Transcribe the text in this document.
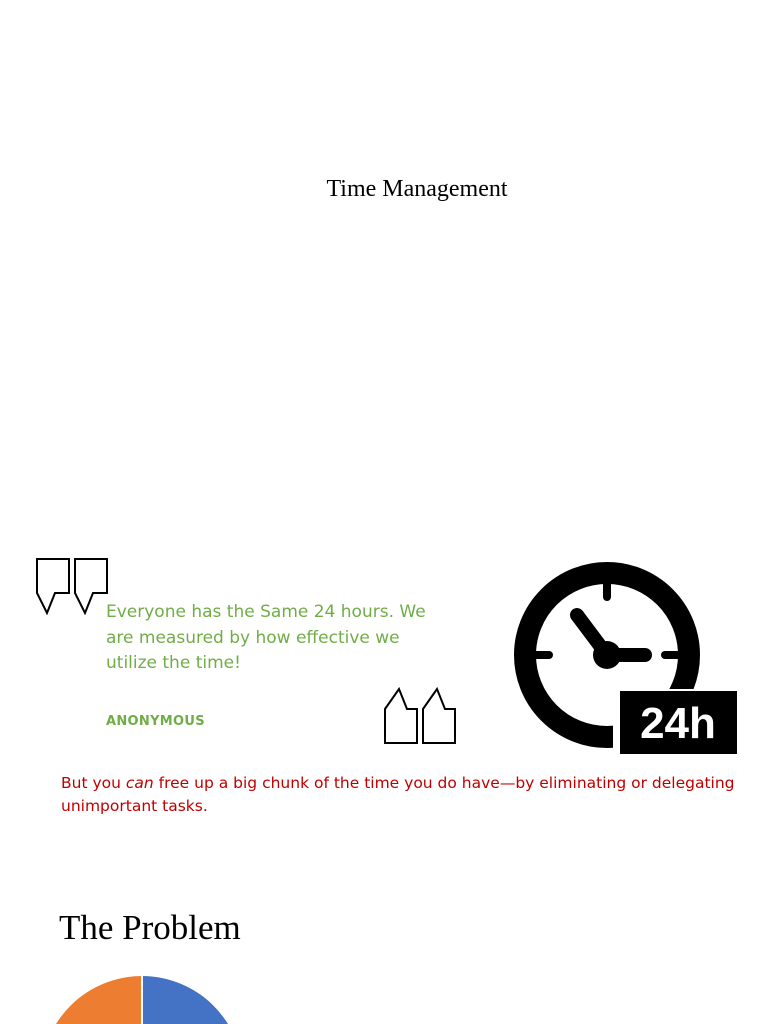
Time Management
Everyone has the Same 24 hours. We are measured by how effective we utilize the time!
ANONYMOUS	24h
But you can free up a big chunk of the time you do have—by eliminating or delegating unimportant tasks.
The Problem
